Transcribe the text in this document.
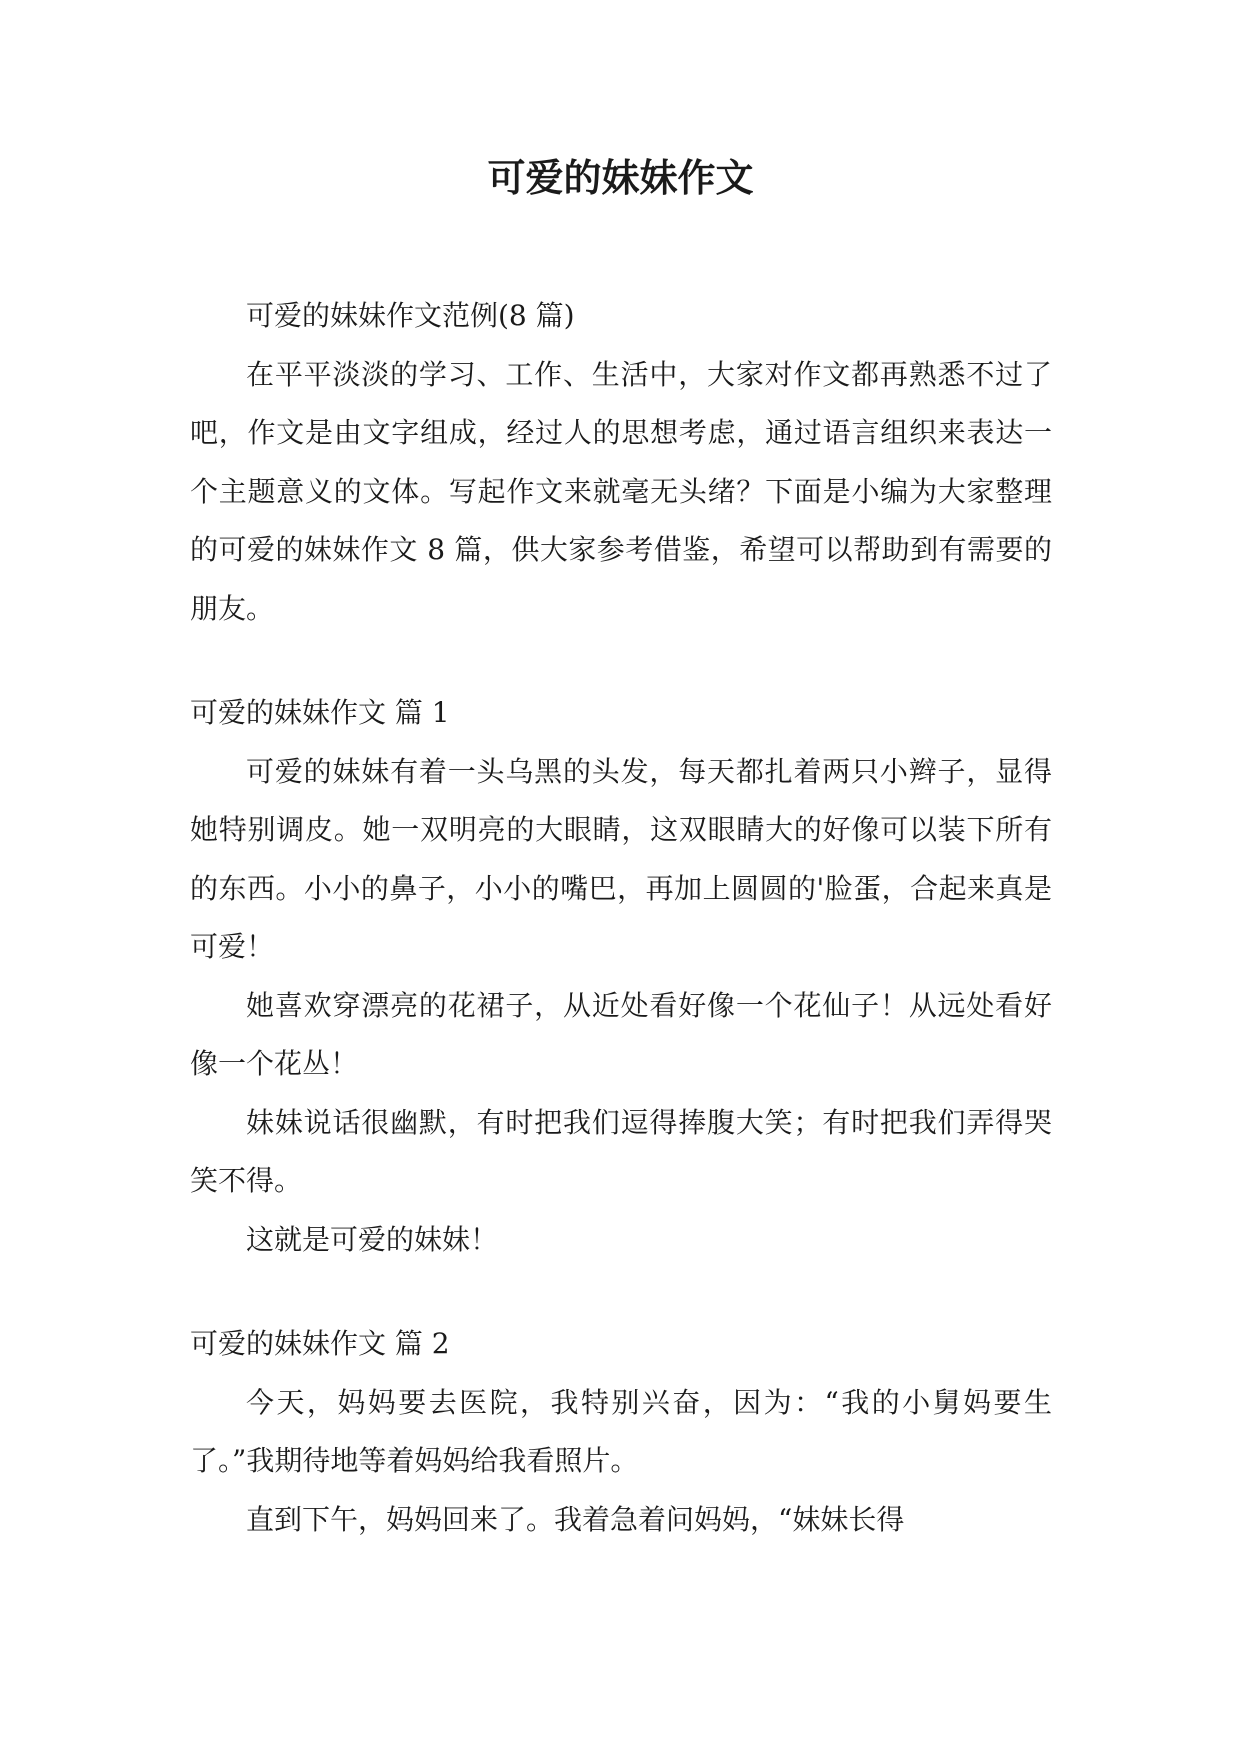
可爱的妹妹作文

可爱的妹妹作文范例(8 篇)

在平平淡淡的学习、工作、生活中，大家对作文都再熟悉不过了吧，作文是由文字组成，经过人的思想考虑，通过语言组织来表达一个主题意义的文体。写起作文来就毫无头绪？下面是小编为大家整理的可爱的妹妹作文 8 篇，供大家参考借鉴，希望可以帮助到有需要的朋友。

可爱的妹妹作文 篇 1

可爱的妹妹有着一头乌黑的头发，每天都扎着两只小辫子，显得她特别调皮。她一双明亮的大眼睛，这双眼睛大的好像可以装下所有的东西。小小的鼻子，小小的嘴巴，再加上圆圆的'脸蛋，合起来真是可爱！

她喜欢穿漂亮的花裙子，从近处看好像一个花仙子！从远处看好像一个花丛！

妹妹说话很幽默，有时把我们逗得捧腹大笑；有时把我们弄得哭笑不得。

这就是可爱的妹妹！

可爱的妹妹作文 篇 2

今天，妈妈要去医院，我特别兴奋，因为：“我的小舅妈要生了。”我期待地等着妈妈给我看照片。

直到下午，妈妈回来了。我着急着问妈妈，“妹妹长得
